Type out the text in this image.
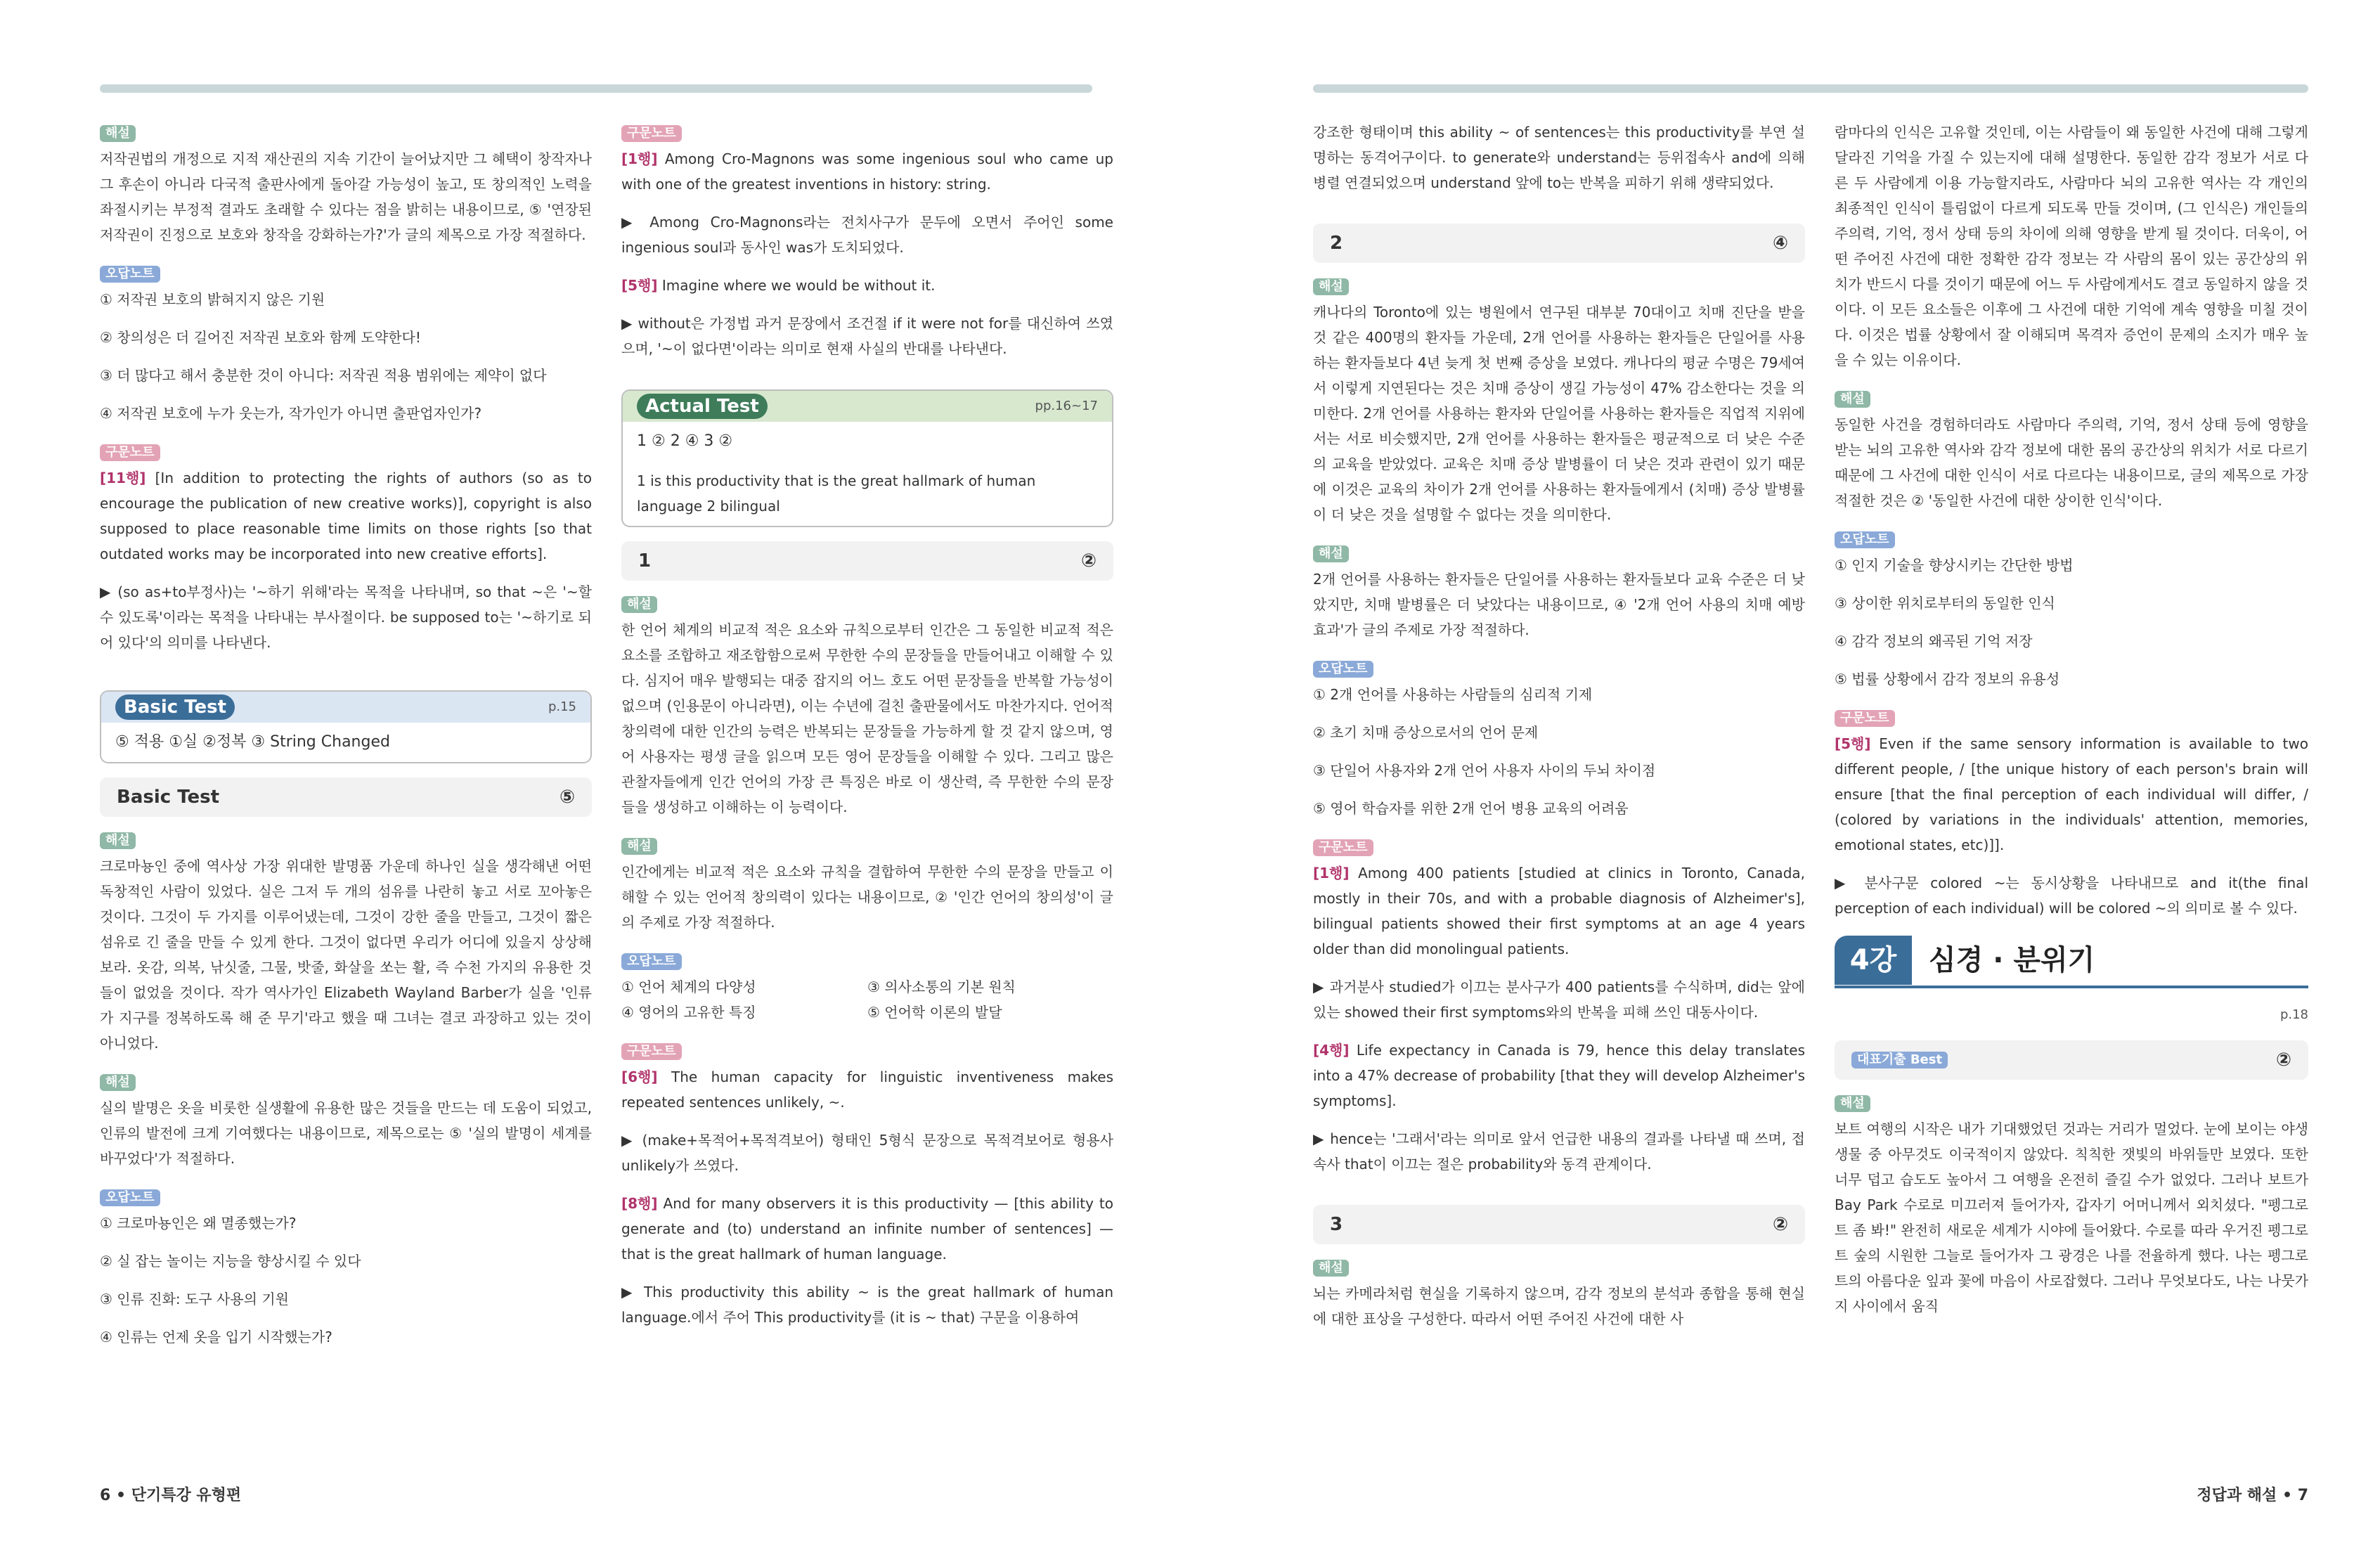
해설

저작권법의 개정으로 지적 재산권의 지속 기간이 늘어났지만 그 혜택이 창작자나 그 후손이 아니라 다국적 출판사에게 돌아갈 가능성이 높고, 또 창의적인 노력을 좌절시키는 부정적 결과도 초래할 수 있다는 점을 밝히는 내용이므로, ⑤ '연장된 저작권이 진정으로 보호와 창작을 강화하는가?'가 글의 제목으로 가장 적절하다.

오답노트

① 저작권 보호의 밝혀지지 않은 기원

② 창의성은 더 길어진 저작권 보호와 함께 도약한다!

③ 더 많다고 해서 충분한 것이 아니다: 저작권 적용 범위에는 제약이 없다

④ 저작권 보호에 누가 웃는가, 작가인가 아니면 출판업자인가?

구문노트

[11행] [In addition to protecting the rights of authors (so as to encourage the publication of new creative works)], copyright is also supposed to place reasonable time limits on those rights [so that outdated works may be incorporated into new creative efforts].

▶ (so as+to부정사)는 '~하기 위해'라는 목적을 나타내며, so that ~은 '~할 수 있도록'이라는 목적을 나타내는 부사절이다. be supposed to는 '~하기로 되어 있다'의 의미를 나타낸다.

Basic Test	p.15
⑤ 적용 ①실 ②정복 ③ String Changed
Basic Test	⑤
해설

크로마뇽인 중에 역사상 가장 위대한 발명품 가운데 하나인 실을 생각해낸 어떤 독창적인 사람이 있었다. 실은 그저 두 개의 섬유를 나란히 놓고 서로 꼬아놓은 것이다. 그것이 두 가지를 이루어냈는데, 그것이 강한 줄을 만들고, 그것이 짧은 섬유로 긴 줄을 만들 수 있게 한다. 그것이 없다면 우리가 어디에 있을지 상상해보라. 옷감, 의복, 낚싯줄, 그물, 밧줄, 화살을 쏘는 활, 즉 수천 가지의 유용한 것들이 없었을 것이다. 작가 역사가인 Elizabeth Wayland Barber가 실을 '인류가 지구를 정복하도록 해 준 무기'라고 했을 때 그녀는 결코 과장하고 있는 것이 아니었다.

해설

실의 발명은 옷을 비롯한 실생활에 유용한 많은 것들을 만드는 데 도움이 되었고, 인류의 발전에 크게 기여했다는 내용이므로, 제목으로는 ⑤ '실의 발명이 세계를 바꾸었다'가 적절하다.

오답노트

① 크로마뇽인은 왜 멸종했는가?

② 실 잡는 놀이는 지능을 향상시킬 수 있다

③ 인류 진화: 도구 사용의 기원

④ 인류는 언제 옷을 입기 시작했는가?

구문노트

[1행] Among Cro-Magnons was some ingenious soul who came up with one of the greatest inventions in history: string.

▶ Among Cro-Magnons라는 전치사구가 문두에 오면서 주어인 some ingenious soul과 동사인 was가 도치되었다.

[5행] Imagine where we would be without it.

▶ without은 가정법 과거 문장에서 조건절 if it were not for를 대신하여 쓰였으며, '~이 없다면'이라는 의미로 현재 사실의 반대를 나타낸다.

Actual Test	pp.16~17
1 ② 2 ④ 3 ②
1 is this productivity that is the great hallmark of human language 2 bilingual
1	②
해설

한 언어 체계의 비교적 적은 요소와 규칙으로부터 인간은 그 동일한 비교적 적은 요소를 조합하고 재조합함으로써 무한한 수의 문장들을 만들어내고 이해할 수 있다. 심지어 매우 발행되는 대중 잡지의 어느 호도 어떤 문장들을 반복할 가능성이 없으며 (인용문이 아니라면), 이는 수년에 걸친 출판물에서도 마찬가지다. 언어적 창의력에 대한 인간의 능력은 반복되는 문장들을 가능하게 할 것 같지 않으며, 영어 사용자는 평생 글을 읽으며 모든 영어 문장들을 이해할 수 있다. 그리고 많은 관찰자들에게 인간 언어의 가장 큰 특징은 바로 이 생산력, 즉 무한한 수의 문장들을 생성하고 이해하는 이 능력이다.

해설

인간에게는 비교적 적은 요소와 규칙을 결합하여 무한한 수의 문장을 만들고 이해할 수 있는 언어적 창의력이 있다는 내용이므로, ② '인간 언어의 창의성'이 글의 주제로 가장 적절하다.

오답노트
① 언어 체계의 다양성	③ 의사소통의 기본 원칙
④ 영어의 고유한 특징	⑤ 언어학 이론의 발달
구문노트

[6행] The human capacity for linguistic inventiveness makes repeated sentences unlikely, ~.

▶ (make+목적어+목적격보어) 형태인 5형식 문장으로 목적격보어로 형용사 unlikely가 쓰였다.

[8행] And for many observers it is this productivity — [this ability to generate and (to) understand an infinite number of sentences] — that is the great hallmark of human language.

▶ This productivity this ability ~ is the great hallmark of human language.에서 주어 This productivity를 (it is ~ that) 구문을 이용하여

강조한 형태이며 this ability ~ of sentences는 this productivity를 부연 설명하는 동격어구이다. to generate와 understand는 등위접속사 and에 의해 병렬 연결되었으며 understand 앞에 to는 반복을 피하기 위해 생략되었다.

2	④
해설

캐나다의 Toronto에 있는 병원에서 연구된 대부분 70대이고 치매 진단을 받을 것 같은 400명의 환자들 가운데, 2개 언어를 사용하는 환자들은 단일어를 사용하는 환자들보다 4년 늦게 첫 번째 증상을 보였다. 캐나다의 평균 수명은 79세여서 이렇게 지연된다는 것은 치매 증상이 생길 가능성이 47% 감소한다는 것을 의미한다. 2개 언어를 사용하는 환자와 단일어를 사용하는 환자들은 직업적 지위에서는 서로 비슷했지만, 2개 언어를 사용하는 환자들은 평균적으로 더 낮은 수준의 교육을 받았었다. 교육은 치매 증상 발병률이 더 낮은 것과 관련이 있기 때문에 이것은 교육의 차이가 2개 언어를 사용하는 환자들에게서 (치매) 증상 발병률이 더 낮은 것을 설명할 수 없다는 것을 의미한다.

해설

2개 언어를 사용하는 환자들은 단일어를 사용하는 환자들보다 교육 수준은 더 낮았지만, 치매 발병률은 더 낮았다는 내용이므로, ④ '2개 언어 사용의 치매 예방 효과'가 글의 주제로 가장 적절하다.

오답노트

① 2개 언어를 사용하는 사람들의 심리적 기제

② 초기 치매 증상으로서의 언어 문제

③ 단일어 사용자와 2개 언어 사용자 사이의 두뇌 차이점

⑤ 영어 학습자를 위한 2개 언어 병용 교육의 어려움

구문노트

[1행] Among 400 patients [studied at clinics in Toronto, Canada, mostly in their 70s, and with a probable diagnosis of Alzheimer's], bilingual patients showed their first symptoms at an age 4 years older than did monolingual patients.

▶ 과거분사 studied가 이끄는 분사구가 400 patients를 수식하며, did는 앞에 있는 showed their first symptoms와의 반복을 피해 쓰인 대동사이다.

[4행] Life expectancy in Canada is 79, hence this delay translates into a 47% decrease of probability [that they will develop Alzheimer's symptoms].

▶ hence는 '그래서'라는 의미로 앞서 언급한 내용의 결과를 나타낼 때 쓰며, 접속사 that이 이끄는 절은 probability와 동격 관계이다.

3	②
해설

뇌는 카메라처럼 현실을 기록하지 않으며, 감각 정보의 분석과 종합을 통해 현실에 대한 표상을 구성한다. 따라서 어떤 주어진 사건에 대한 사

람마다의 인식은 고유할 것인데, 이는 사람들이 왜 동일한 사건에 대해 그렇게 달라진 기억을 가질 수 있는지에 대해 설명한다. 동일한 감각 정보가 서로 다른 두 사람에게 이용 가능할지라도, 사람마다 뇌의 고유한 역사는 각 개인의 최종적인 인식이 틀림없이 다르게 되도록 만들 것이며, (그 인식은) 개인들의 주의력, 기억, 정서 상태 등의 차이에 의해 영향을 받게 될 것이다. 더욱이, 어떤 주어진 사건에 대한 정확한 감각 정보는 각 사람의 몸이 있는 공간상의 위치가 반드시 다를 것이기 때문에 어느 두 사람에게서도 결코 동일하지 않을 것이다. 이 모든 요소들은 이후에 그 사건에 대한 기억에 계속 영향을 미칠 것이다. 이것은 법률 상황에서 잘 이해되며 목격자 증언이 문제의 소지가 매우 높을 수 있는 이유이다.

해설

동일한 사건을 경험하더라도 사람마다 주의력, 기억, 정서 상태 등에 영향을 받는 뇌의 고유한 역사와 감각 정보에 대한 몸의 공간상의 위치가 서로 다르기 때문에 그 사건에 대한 인식이 서로 다르다는 내용이므로, 글의 제목으로 가장 적절한 것은 ② '동일한 사건에 대한 상이한 인식'이다.

오답노트

① 인지 기술을 향상시키는 간단한 방법

③ 상이한 위치로부터의 동일한 인식

④ 감각 정보의 왜곡된 기억 저장

⑤ 법률 상황에서 감각 정보의 유용성

구문노트

[5행] Even if the same sensory information is available to two different people, / [the unique history of each person's brain will ensure [that the final perception of each individual will differ, / (colored by variations in the individuals' attention, memories, emotional states, etc)]].

▶ 분사구문 colored ~는 동시상황을 나타내므로 and it(the final perception of each individual) will be colored ~의 의미로 볼 수 있다.

4강	심경 · 분위기
p.18
대표기출 Best	②
해설

보트 여행의 시작은 내가 기대했었던 것과는 거리가 멀었다. 눈에 보이는 야생 생물 중 아무것도 이국적이지 않았다. 칙칙한 잿빛의 바위들만 보였다. 또한 너무 덥고 습도도 높아서 그 여행을 온전히 즐길 수가 없었다. 그러나 보트가 Bay Park 수로로 미끄러져 들어가자, 갑자기 어머니께서 외치셨다. "펭그로트 좀 봐!" 완전히 새로운 세계가 시야에 들어왔다. 수로를 따라 우거진 펭그로트 숲의 시원한 그늘로 들어가자 그 광경은 나를 전율하게 했다. 나는 펭그로트의 아름다운 잎과 꽃에 마음이 사로잡혔다. 그러나 무엇보다도, 나는 나뭇가지 사이에서 움직

6 • 단기특강 유형편	정답과 해설 • 7
